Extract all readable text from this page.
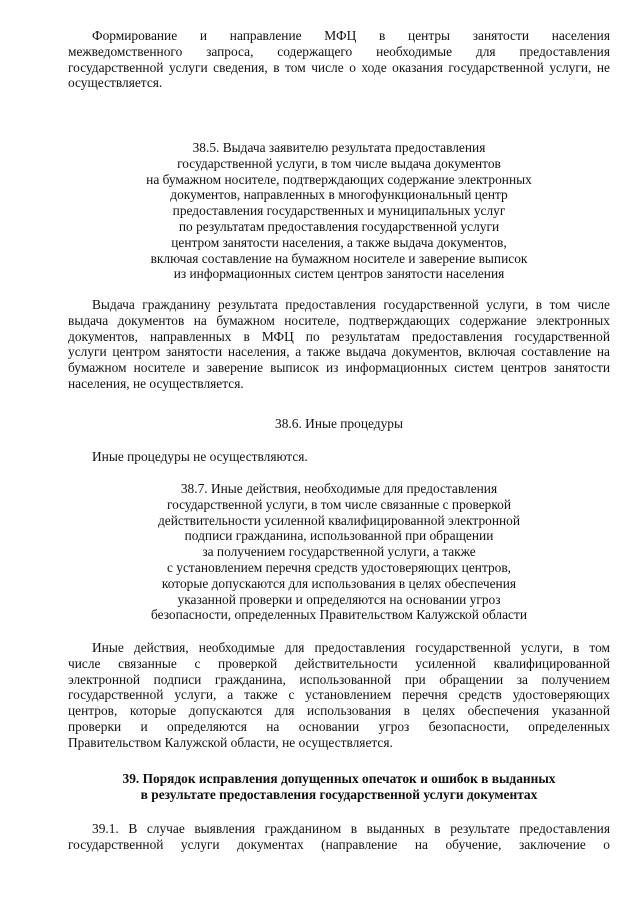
Формирование и направление МФЦ в центры занятости населения
межведомственного запроса, содержащего необходимые для предоставления
государственной услуги сведения, в том числе о ходе оказания государственной услуги, не
осуществляется.
38.5. Выдача заявителю результата предоставления
государственной услуги, в том числе выдача документов
на бумажном носителе, подтверждающих содержание электронных
документов, направленных в многофункциональный центр
предоставления государственных и муниципальных услуг
по результатам предоставления государственной услуги
центром занятости населения, а также выдача документов,
включая составление на бумажном носителе и заверение выписок
из информационных систем центров занятости населения
Выдача гражданину результата предоставления государственной услуги, в том числе
выдача документов на бумажном носителе, подтверждающих содержание электронных
документов, направленных в МФЦ по результатам предоставления государственной
услуги центром занятости населения, а также выдача документов, включая составление на
бумажном носителе и заверение выписок из информационных систем центров занятости
населения, не осуществляется.
38.6. Иные процедуры
Иные процедуры не осуществляются.
38.7. Иные действия, необходимые для предоставления
государственной услуги, в том числе связанные с проверкой
действительности усиленной квалифицированной электронной
подписи гражданина, использованной при обращении
за получением государственной услуги, а также
с установлением перечня средств удостоверяющих центров,
которые допускаются для использования в целях обеспечения
указанной проверки и определяются на основании угроз
безопасности, определенных Правительством Калужской области
Иные действия, необходимые для предоставления государственной услуги, в том
числе связанные с проверкой действительности усиленной квалифицированной
электронной подписи гражданина, использованной при обращении за получением
государственной услуги, а также с установлением перечня средств удостоверяющих
центров, которые допускаются для использования в целях обеспечения указанной
проверки и определяются на основании угроз безопасности, определенных
Правительством Калужской области, не осуществляется.
39. Порядок исправления допущенных опечаток и ошибок в выданных
в результате предоставления государственной услуги документах
39.1. В случае выявления гражданином в выданных в результате предоставления
государственной услуги документах (направление на обучение, заключение о
